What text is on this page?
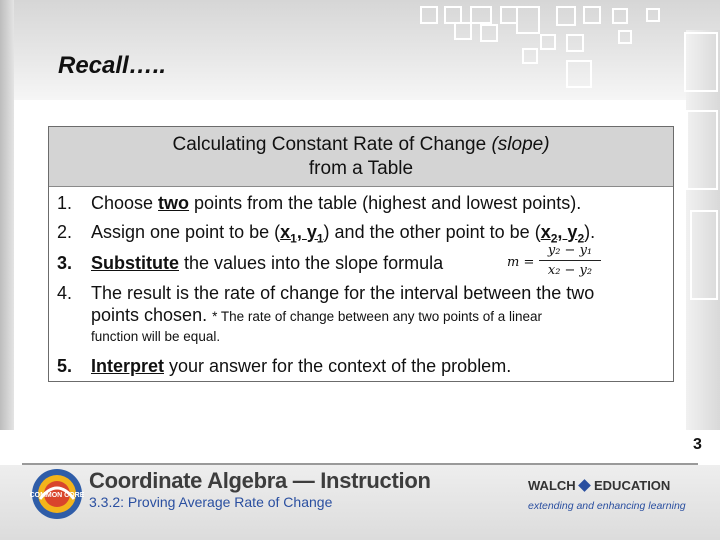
Recall…..
Calculating Constant Rate of Change (slope)
from a Table
1. Choose two points from the table (highest and lowest points).
2. Assign one point to be ($x_1$, $y_1$) and the other point to be ($x_2$, $y_2$).
3. Substitute the values into the slope formula	m =
y₂ − y₁
x₂ − y₂
4. The result is the rate of change for the interval between the two
points chosen. * The rate of change between any two points of a linear
function will be equal.
5. Interpret your answer for the context of the problem.
3
COMMON CORE
Coordinate Algebra — Instruction
3.3.2: Proving Average Rate of Change
WALCH EDUCATION
extending and enhancing learning
